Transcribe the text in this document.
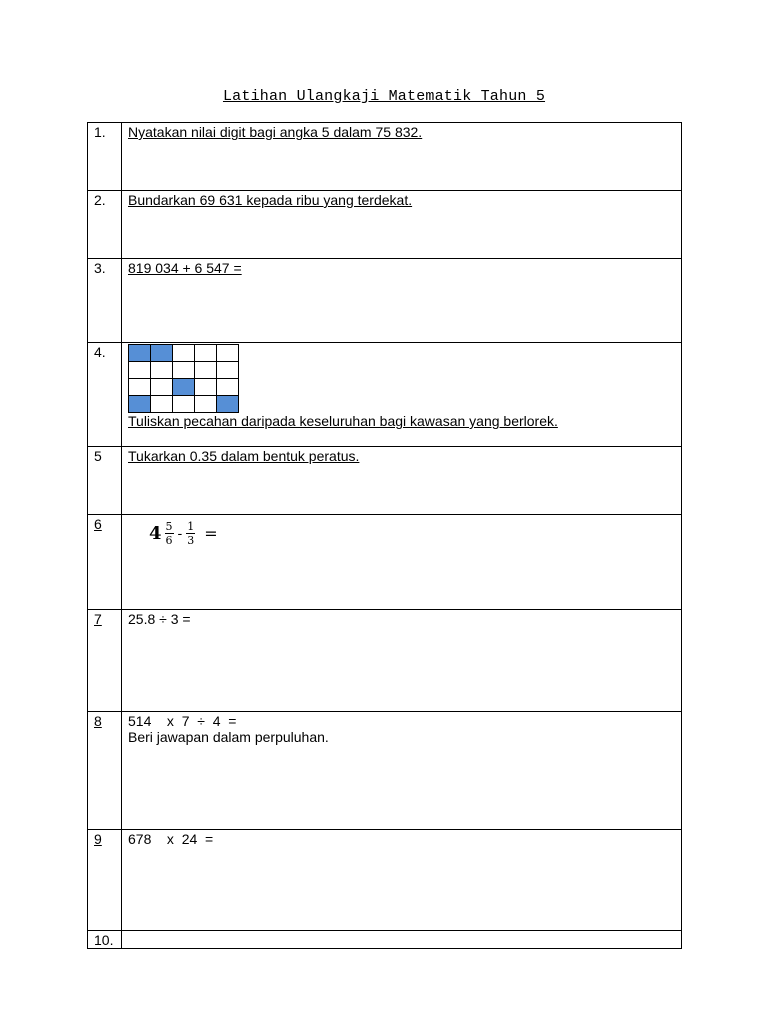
Latihan Ulangkaji Matematik Tahun 5
1.	Nyatakan nilai digit bagi angka 5 dalam 75 832.
2.	Bundarkan 69 631 kepada ribu yang terdekat.
3.	819 034 + 6 547 =
4.	

Tuliskan pecahan daripada keseluruhan bagi kawasan yang berlorek.
5	Tukarkan 0.35 dalam bentuk peratus.
6	$4 \frac{5}{6} - \frac{1}{3}$ =

7	25.8 ÷ 3 =
8	514    x  7  ÷  4  =
Beri jawapan dalam perpuluhan.

9	678    x  24  =
10.	
